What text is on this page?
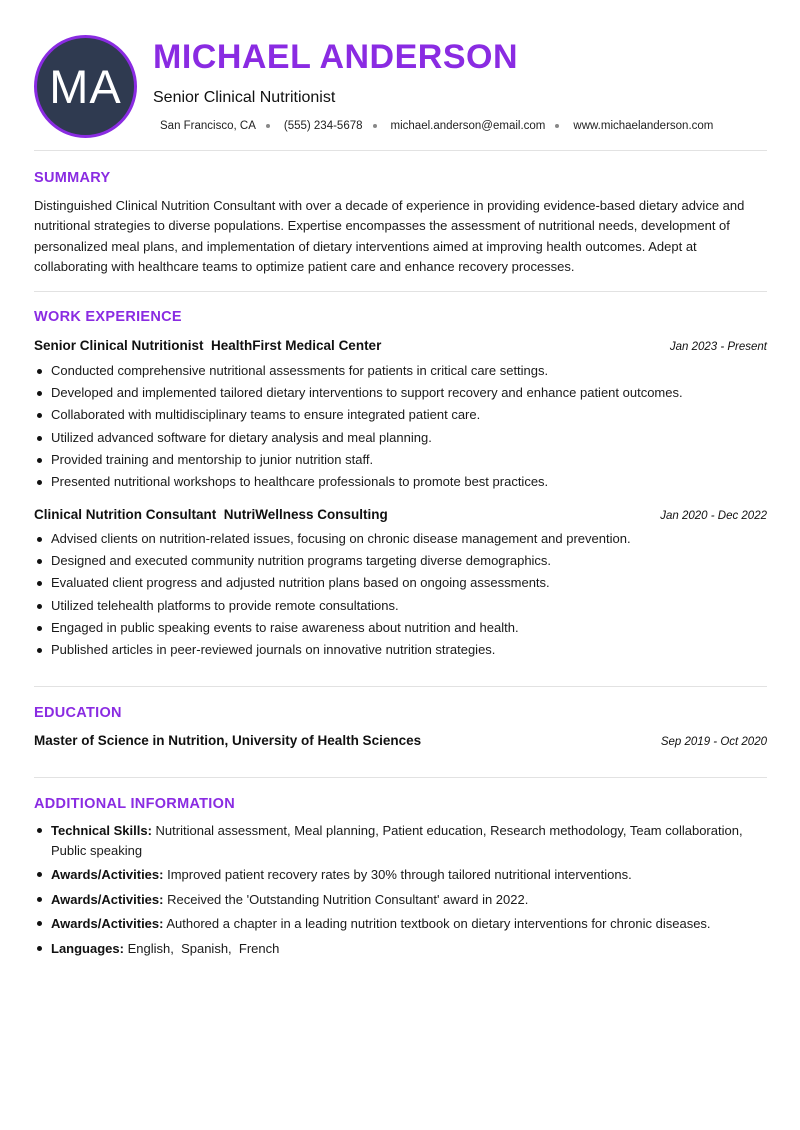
MA
MICHAEL ANDERSON
Senior Clinical Nutritionist
San Francisco, CA (555) 234-5678 michael.anderson@email.com www.michaelanderson.com
SUMMARY
Distinguished Clinical Nutrition Consultant with over a decade of experience in providing evidence-based dietary advice and nutritional strategies to diverse populations. Expertise encompasses the assessment of nutritional needs, development of personalized meal plans, and implementation of dietary interventions aimed at improving health outcomes. Adept at collaborating with healthcare teams to optimize patient care and enhance recovery processes.
WORK EXPERIENCE
Senior Clinical Nutritionist HealthFirst Medical Center	Jan 2023 - Present
Conducted comprehensive nutritional assessments for patients in critical care settings.
Developed and implemented tailored dietary interventions to support recovery and enhance patient outcomes.
Collaborated with multidisciplinary teams to ensure integrated patient care.
Utilized advanced software for dietary analysis and meal planning.
Provided training and mentorship to junior nutrition staff.
Presented nutritional workshops to healthcare professionals to promote best practices.
Clinical Nutrition Consultant NutriWellness Consulting	Jan 2020 - Dec 2022
Advised clients on nutrition-related issues, focusing on chronic disease management and prevention.
Designed and executed community nutrition programs targeting diverse demographics.
Evaluated client progress and adjusted nutrition plans based on ongoing assessments.
Utilized telehealth platforms to provide remote consultations.
Engaged in public speaking events to raise awareness about nutrition and health.
Published articles in peer-reviewed journals on innovative nutrition strategies.
EDUCATION
Master of Science in Nutrition, University of Health Sciences	Sep 2019 - Oct 2020
ADDITIONAL INFORMATION
Technical Skills: Nutritional assessment, Meal planning, Patient education, Research methodology, Team collaboration, Public speaking
Awards/Activities: Improved patient recovery rates by 30% through tailored nutritional interventions.
Awards/Activities: Received the 'Outstanding Nutrition Consultant' award in 2022.
Awards/Activities: Authored a chapter in a leading nutrition textbook on dietary interventions for chronic diseases.
Languages: English,  Spanish,  French
